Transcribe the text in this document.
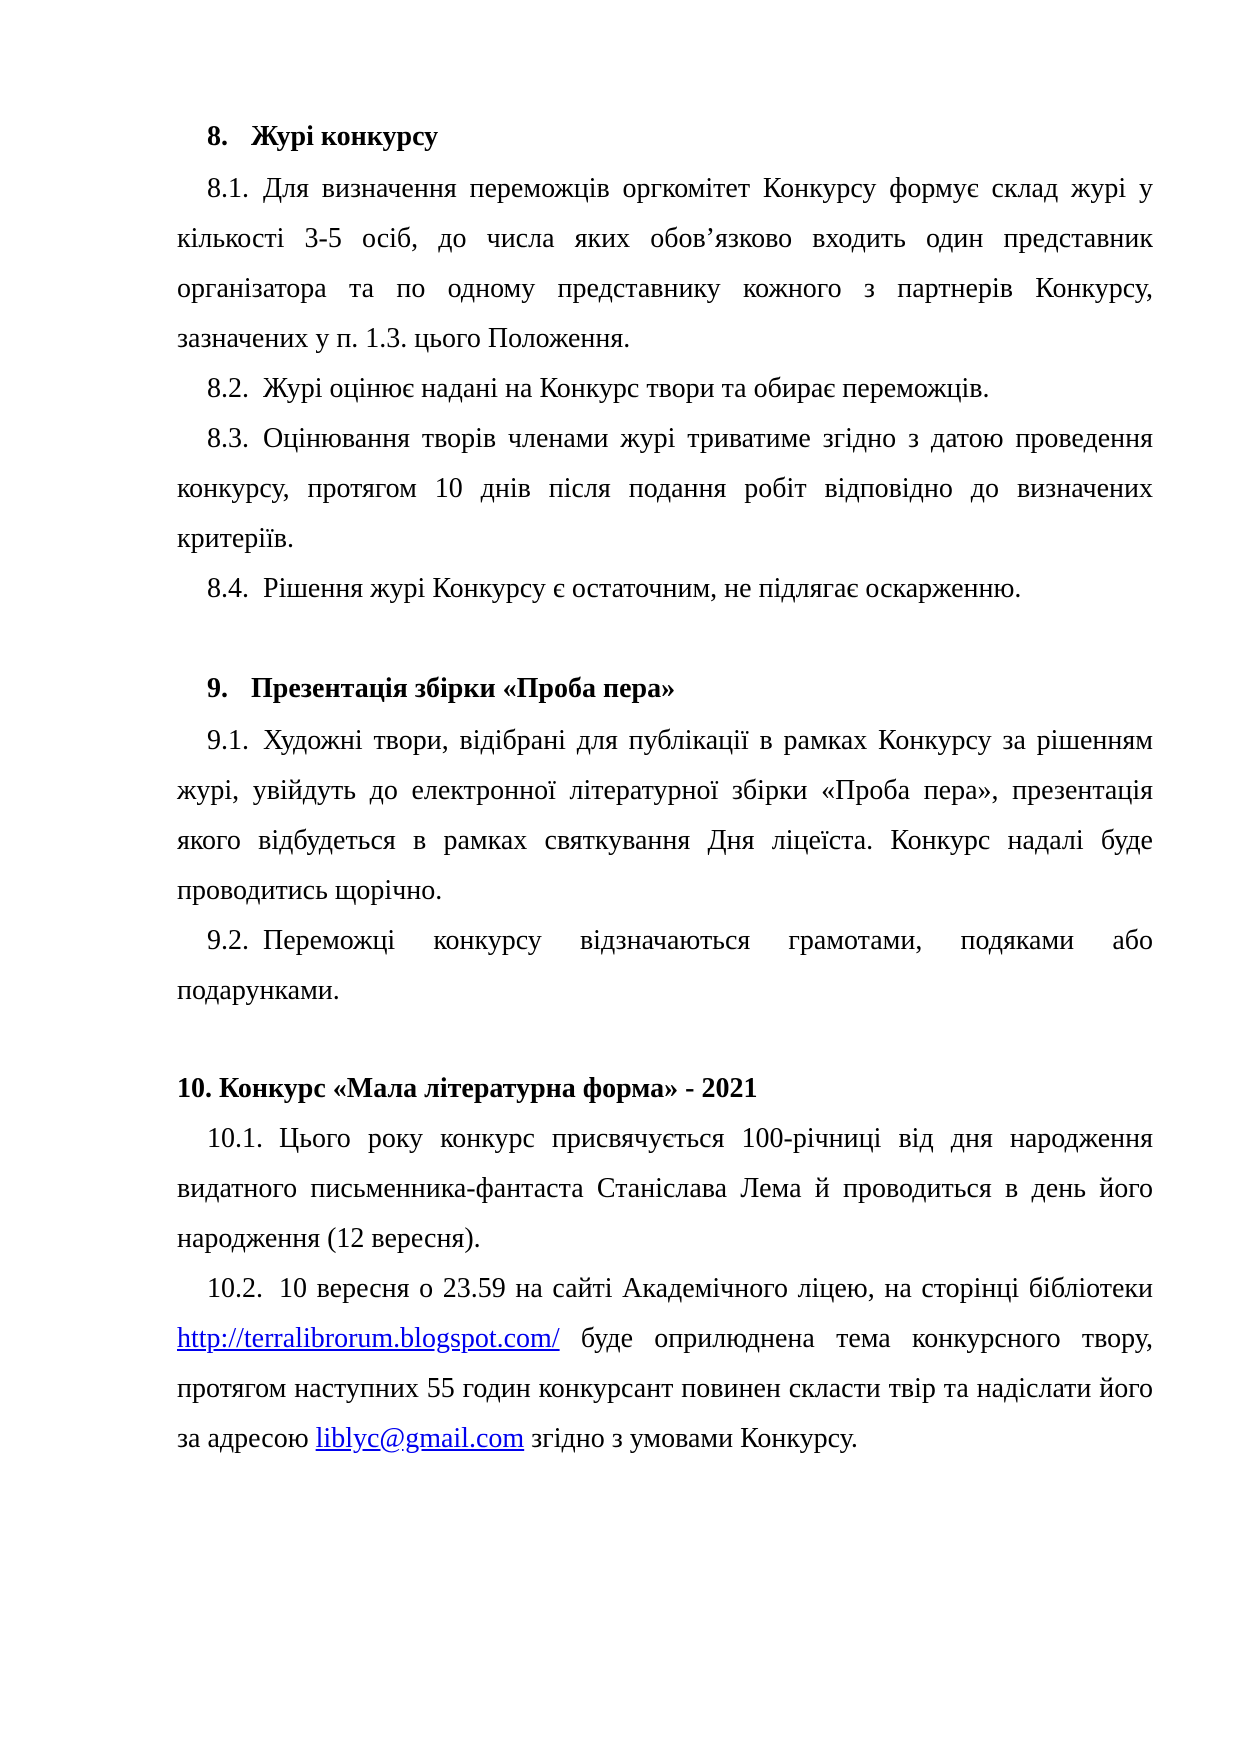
8. Журі конкурсу
8.1. Для визначення переможців оргкомітет Конкурсу формує склад журі у кількості 3-5 осіб, до числа яких обов’язково входить один представник організатора та по одному представнику кожного з партнерів Конкурсу, зазначених у п. 1.3. цього Положення.
8.2. Журі оцінює надані на Конкурс твори та обирає переможців.
8.3. Оцінювання творів членами журі триватиме згідно з датою проведення конкурсу, протягом 10 днів після подання робіт відповідно до визначених критеріїв.
8.4. Рішення журі Конкурсу є остаточним, не підлягає оскарженню.
9. Презентація збірки «Проба пера»
9.1. Художні твори, відібрані для публікації в рамках Конкурсу за рішенням журі, увійдуть до електронної літературної збірки «Проба пера», презентація якого відбудеться в рамках святкування Дня ліцеїста. Конкурс надалі буде проводитись щорічно.
9.2. Переможці конкурсу відзначаються грамотами, подяками або подарунками.
10. Конкурс «Мала літературна форма» - 2021
10.1. Цього року конкурс присвячується 100-річниці від дня народження видатного письменника-фантаста Станіслава Лема й проводиться в день його народження (12 вересня).
10.2. 10 вересня о 23.59 на сайті Академічного ліцею, на сторінці бібліотеки http://terralibrorum.blogspot.com/ буде оприлюднена тема конкурсного твору, протягом наступних 55 годин конкурсант повинен скласти твір та надіслати його за адресою liblyc@gmail.com згідно з умовами Конкурсу.
